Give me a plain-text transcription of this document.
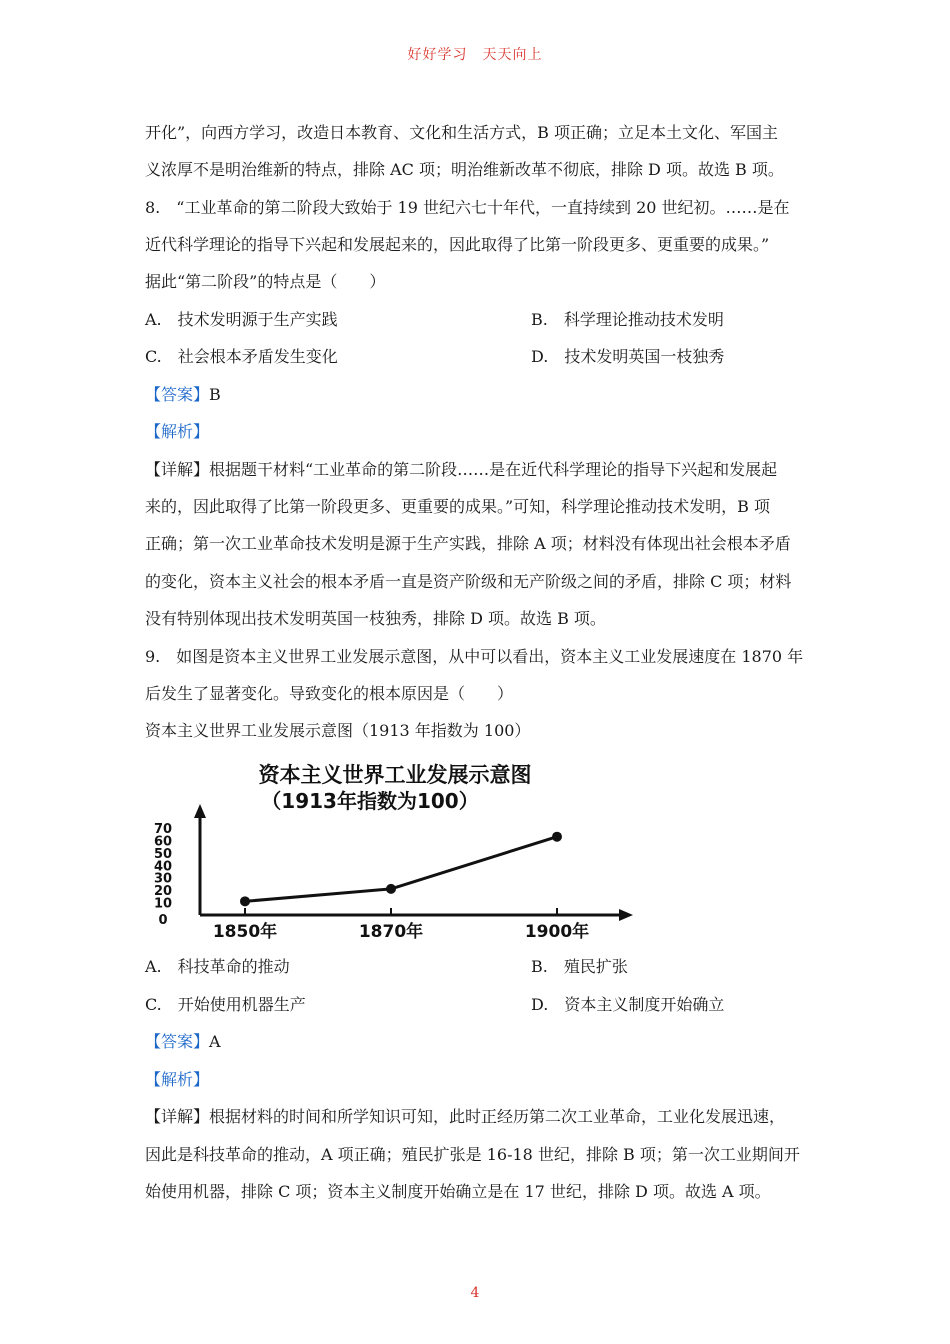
好好学习　天天向上
开化”，向西方学习，改造日本教育、文化和生活方式，B 项正确；立足本土文化、军国主
义浓厚不是明治维新的特点，排除 AC 项；明治维新改革不彻底，排除 D 项。故选 B 项。
8.　“工业革命的第二阶段大致始于 19 世纪六七十年代，一直持续到 20 世纪初。……是在
近代科学理论的指导下兴起和发展起来的，因此取得了比第一阶段更多、更重要的成果。”
据此“第二阶段”的特点是（　　）
A.　技术发明源于生产实践	B.　科学理论推动技术发明
C.　社会根本矛盾发生变化	D.　技术发明英国一枝独秀
【答案】B
【解析】
【详解】根据题干材料“工业革命的第二阶段……是在近代科学理论的指导下兴起和发展起
来的，因此取得了比第一阶段更多、更重要的成果。”可知，科学理论推动技术发明，B 项
正确；第一次工业革命技术发明是源于生产实践，排除 A 项；材料没有体现出社会根本矛盾
的变化，资本主义社会的根本矛盾一直是资产阶级和无产阶级之间的矛盾，排除 C 项；材料
没有特别体现出技术发明英国一枝独秀，排除 D 项。故选 B 项。
9.　如图是资本主义世界工业发展示意图，从中可以看出，资本主义工业发展速度在 1870 年
后发生了显著变化。导致变化的根本原因是（　　）
资本主义世界工业发展示意图（1913 年指数为 100）
A.　科技革命的推动	B.　殖民扩张
C.　开始使用机器生产	D.　资本主义制度开始确立
【答案】A
【解析】
【详解】根据材料的时间和所学知识可知，此时正经历第二次工业革命，工业化发展迅速，
因此是科技革命的推动，A 项正确；殖民扩张是 16-18 世纪，排除 B 项；第一次工业期间开
始使用机器，排除 C 项；资本主义制度开始确立是在 17 世纪，排除 D 项。故选 A 项。
资本主义世界工业发展示意图
（1913年指数为100）
0
10
20
30
40
50
60
70
1850年	1870年	1900年
4
